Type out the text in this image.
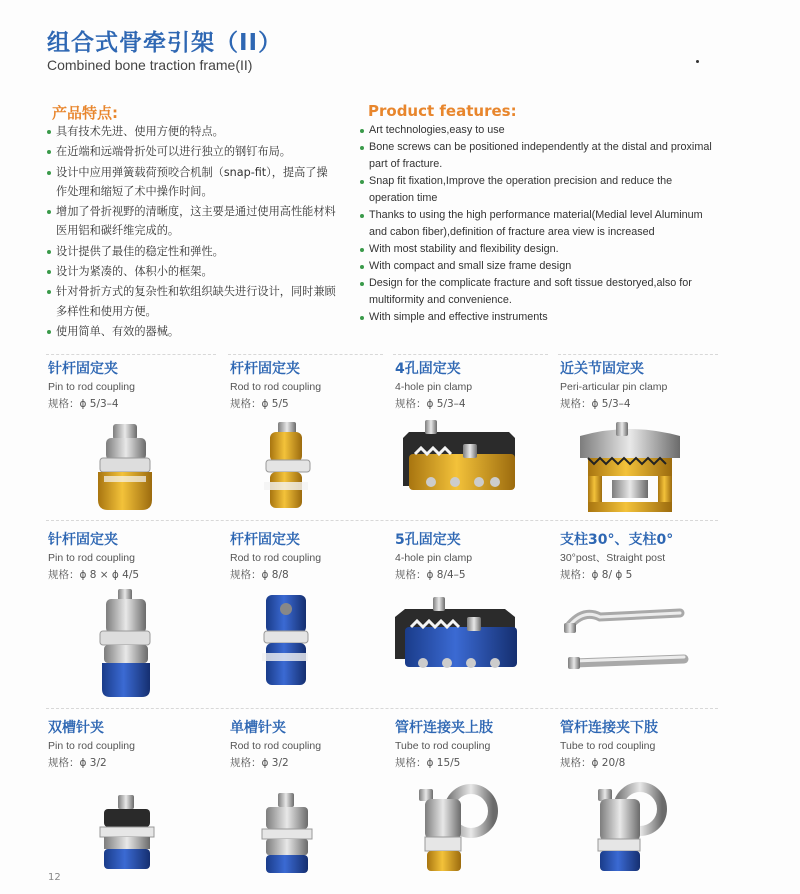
组合式骨牵引架（II）
Combined bone traction frame(II)
产品特点:
具有技术先进、使用方便的特点。
在近端和远端骨折处可以进行独立的钢钉布局。
设计中应用弹簧载荷预咬合机制（snap-fit），提高了操作处理和缩短了术中操作时间。
增加了骨折视野的清晰度，这主要是通过使用高性能材料医用铝和碳纤维完成的。
设计提供了最佳的稳定性和弹性。
设计为紧凑的、体积小的框架。
针对骨折方式的复杂性和软组织缺失进行设计，同时兼顾多样性和使用方便。
使用简单、有效的器械。
Product features:
Art technologies,easy to use
Bone screws can be positioned independently at the distal and proximal part of fracture.
Snap fit fixation,Improve the operation precision and reduce the operation time
Thanks to using the high performance material(Medial level Aluminum and cabon fiber),definition of fracture area view is increased
With most stability and flexibility design.
With compact and small size frame design
Design for the complicate fracture and soft tissue destoryed,also for multiformity and convenience.
With simple and effective instruments
针杆固定夹
Pin to rod coupling
规格：ϕ 5/3–4
杆杆固定夹
Rod to rod coupling
规格：ϕ 5/5
4孔固定夹
4-hole pin clamp
规格：ϕ 5/3–4
近关节固定夹
Peri-articular pin clamp
规格：ϕ 5/3–4
针杆固定夹
Pin to rod coupling
规格：ϕ 8 × ϕ 4/5
杆杆固定夹
Rod to rod coupling
规格：ϕ 8/8
5孔固定夹
4-hole pin clamp
规格：ϕ 8/4–5
支柱30°、支柱0°
30°post、Straight post
规格：ϕ 8/ ϕ 5
双槽针夹
Pin to rod coupling
规格：ϕ 3/2
单槽针夹
Rod to rod coupling
规格：ϕ 3/2
管杆连接夹上肢
Tube to rod coupling
规格：ϕ 15/5
管杆连接夹下肢
Tube to rod coupling
规格：ϕ 20/8
12
